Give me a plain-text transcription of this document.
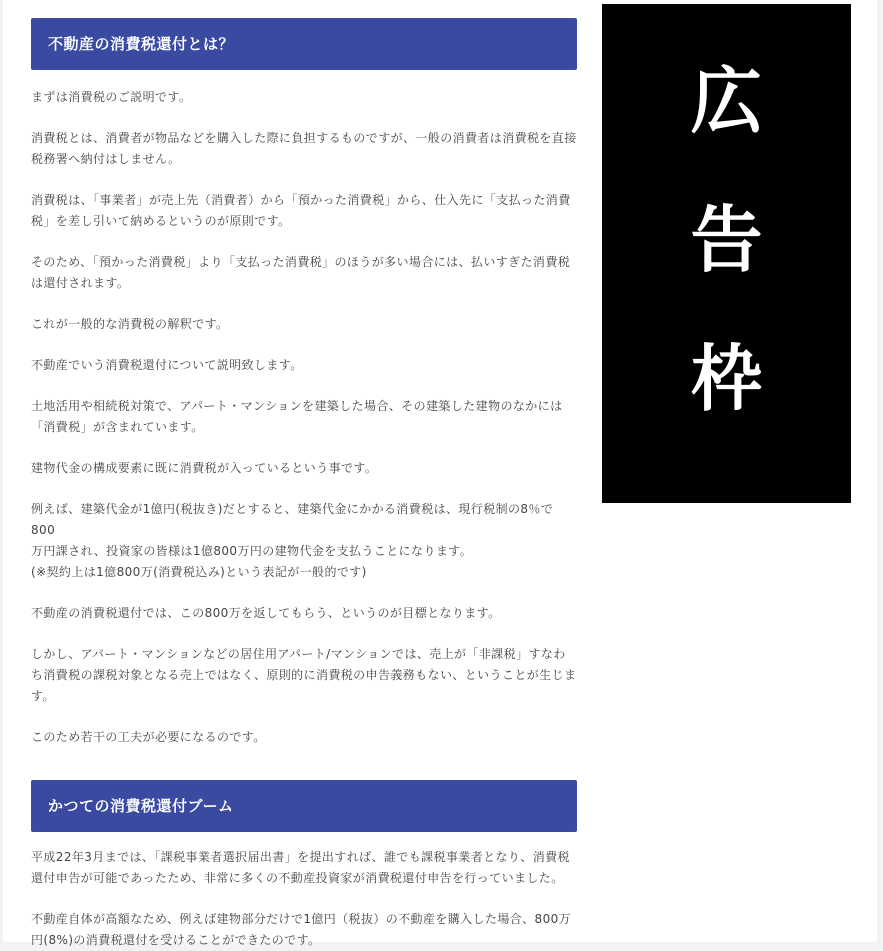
不動産の消費税還付とは？

まずは消費税のご説明です。

消費税とは、消費者が物品などを購入した際に負担するものですが、一般の消費者は消費税を直接
税務署へ納付はしません。

消費税は、「事業者」が売上先（消費者）から「預かった消費税」から、仕入先に「支払った消費
税」を差し引いて納めるというのが原則です。

そのため、「預かった消費税」より「支払った消費税」のほうが多い場合には、払いすぎた消費税
は還付されます。

これが一般的な消費税の解釈です。

不動産でいう消費税還付について説明致します。

土地活用や相続税対策で、アパート・マンションを建築した場合、その建築した建物のなかには
「消費税」が含まれています。

建物代金の構成要素に既に消費税が入っているという事です。

例えば、建築代金が1億円(税抜き)だとすると、建築代金にかかる消費税は、現行税制の8％で800
万円課され、投資家の皆様は1億800万円の建物代金を支払うことになります。
(※契約上は1億800万(消費税込み)という表記が一般的です)

不動産の消費税還付では、この800万を返してもらう、というのが目標となります。

しかし、アパート・マンションなどの居住用アパート/マンションでは、売上が「非課税」すなわ
ち消費税の課税対象となる売上ではなく、原則的に消費税の申告義務もない、ということが生じま
す。

このため若干の工夫が必要になるのです。

かつての消費税還付ブーム

平成22年3月までは、「課税事業者選択届出書」を提出すれば、誰でも課税事業者となり、消費税
還付申告が可能であったため、非常に多くの不動産投資家が消費税還付申告を行っていました。

不動産自体が高額なため、例えば建物部分だけで1億円（税抜）の不動産を購入した場合、800万
円(8%)の消費税還付を受けることができたのです。

広
告
枠
